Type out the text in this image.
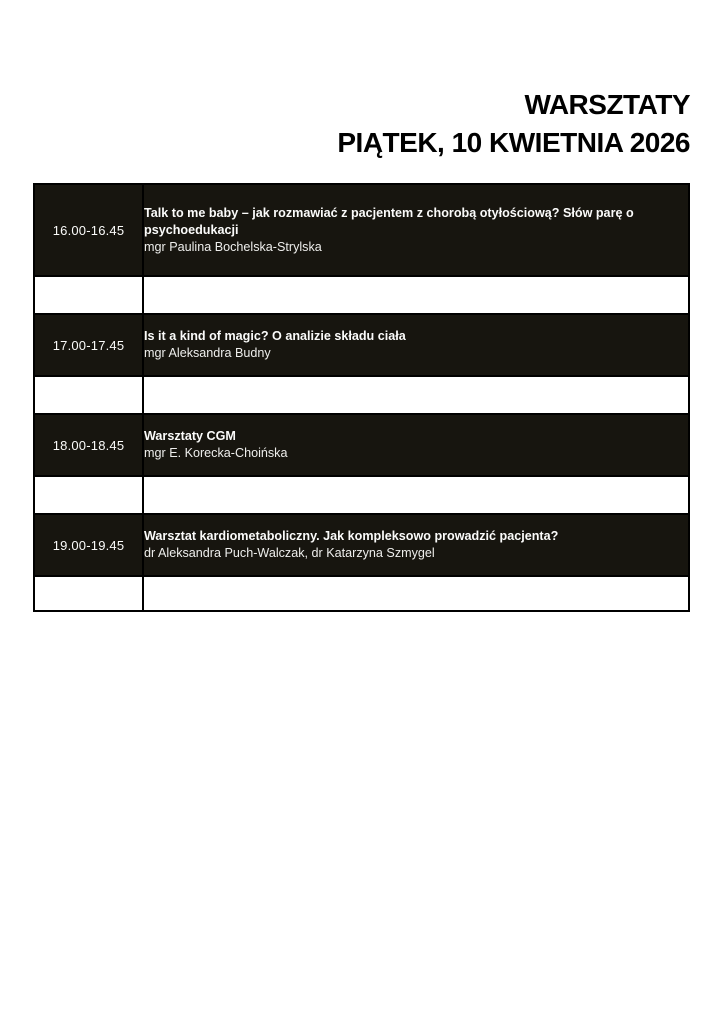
WARSZTATY
PIĄTEK, 10 KWIETNIA 2026
16.00-16.45	Talk to me baby – jak rozmawiać z pacjentem z chorobą otyłościową? Słów parę o psychoedukacji
mgr Paulina Bochelska-Strylska

17.00-17.45	Is it a kind of magic? O analizie składu ciała
mgr Aleksandra Budny

18.00-18.45	Warsztaty CGM
mgr E. Korecka-Choińska

19.00-19.45	Warsztat kardiometaboliczny. Jak kompleksowo prowadzić pacjenta?
dr Aleksandra Puch-Walczak, dr Katarzyna Szmygel
